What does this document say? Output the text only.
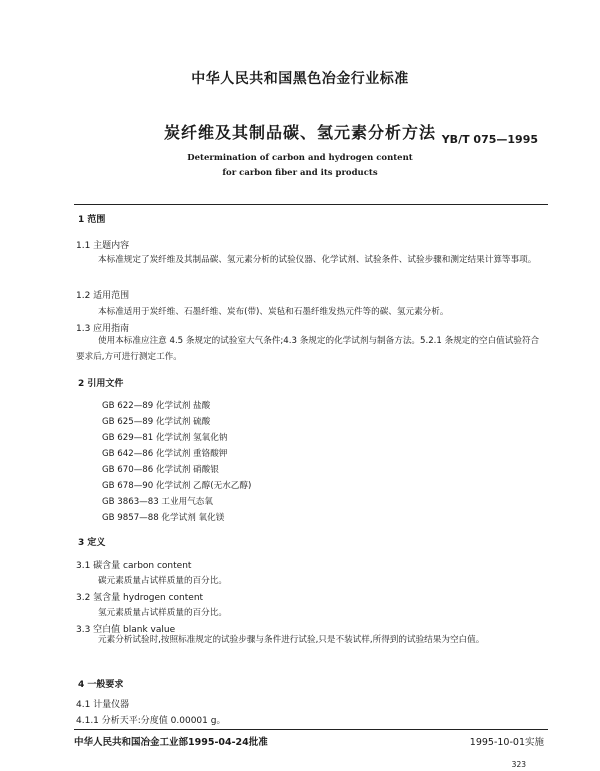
中华人民共和国黑色冶金行业标准
炭纤维及其制品碳、氢元素分析方法 YB/T 075—1995
Determination of carbon and hydrogen content
for carbon fiber and its products
1 范围
1.1 主题内容
本标准规定了炭纤维及其制品碳、氢元素分析的试验仪器、化学试剂、试验条件、试验步骤和测定结果计算等事项。
1.2 适用范围
本标准适用于炭纤维、石墨纤维、炭布(带)、炭毡和石墨纤维发热元件等的碳、氢元素分析。
1.3 应用指南
使用本标准应注意 4.5 条规定的试验室大气条件;4.3 条规定的化学试剂与制备方法。5.2.1 条规定的空白值试验符合要求后,方可进行测定工作。
2 引用文件
GB 622—89 化学试剂 盐酸
GB 625—89 化学试剂 硫酸
GB 629—81 化学试剂 氢氧化钠
GB 642—86 化学试剂 重铬酸钾
GB 670—86 化学试剂 硝酸银
GB 678—90 化学试剂 乙醇(无水乙醇)
GB 3863—83 工业用气态氧
GB 9857—88 化学试剂 氧化镁
3 定义
3.1 碳含量 carbon content
碳元素质量占试样质量的百分比。
3.2 氢含量 hydrogen content
氢元素质量占试样质量的百分比。
3.3 空白值 blank value
元素分析试验时,按照标准规定的试验步骤与条件进行试验,只是不装试样,所得到的试验结果为空白值。
4 一般要求
4.1 计量仪器
4.1.1 分析天平:分度值 0.00001 g。
中华人民共和国冶金工业部1995-04-24批准	1995-10-01实施
323
